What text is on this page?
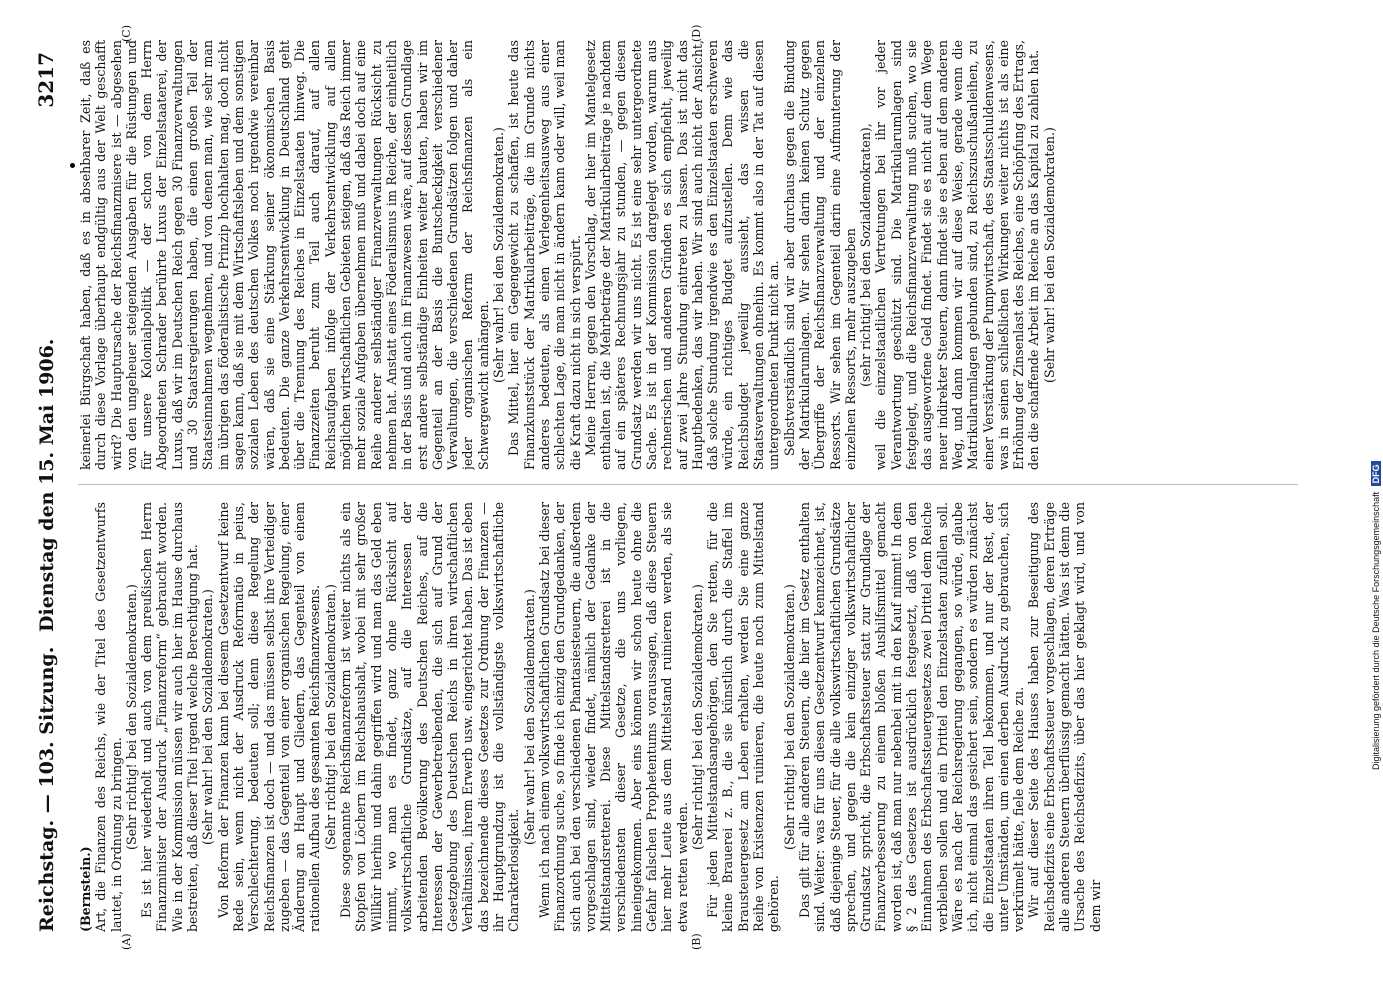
Reichstag. — 103. Sitzung.
Dienstag den 15. Mai 1906.
3217
(A)	(B)
(C)	(D)

(Bernstein.) Art, die Finanzen des Reichs, wie der Titel des Gesetzentwurfs lautet, in Ordnung zu bringen. (Sehr richtig! bei den Sozialdemokraten.) Es ist hier wiederholt und auch von dem preußischen Herrn Finanzminister der Ausdruck „Finanzreform“ gebraucht worden. Wie in der Kommission müssen wir auch hier im Hause durchaus bestreiten, daß dieser Titel irgend welche Berechtigung hat. (Sehr wahr! bei den Sozialdemokraten.) Von Reform der Finanzen kann bei diesem Gesetzentwurf keine Rede sein, wenn nicht der Ausdruck Reformatio in peius, Verschlechterung, bedeuten soll; denn diese Regelung der Reichsfinanzen ist doch — und das müssen selbst ihre Verteidiger zugeben — das Gegenteil von einer organischen Regelung, einer Änderung an Haupt und Gliedern, das Gegenteil von einem rationellen Aufbau des gesamten Reichsfinanzwesens. (Sehr richtig! bei den Sozialdemokraten.) Diese sogenannte Reichsfinanzreform ist weiter nichts als ein Stopfen von Löchern im Reichshaushalt, wobei mit sehr großer Willkür hierhin und dahin gegriffen wird und man das Geld eben nimmt, wo man es findet, ganz ohne Rücksicht auf volkswirtschaftliche Grundsätze, auf die Interessen der arbeitenden Bevölkerung des Deutschen Reiches, auf die Interessen der Gewerbetreibenden, die sich auf Grund der Gesetzgebung des Deutschen Reichs in ihren wirtschaftlichen Verhältnissen, ihrem Erwerb usw. eingerichtet haben. Das ist eben das bezeichnende dieses Gesetzes zur Ordnung der Finanzen — ihr Hauptgrundzug ist die vollständigste volkswirtschaftliche Charakterlosigkeit.

(Sehr wahr! bei den Sozialdemokraten.) Wenn ich nach einem volkswirtschaftlichen Grundsatz bei dieser Finanzordnung suche, so finde ich einzig den Grundgedanken, der sich auch bei den verschiedenen Phantasiesteuern, die außerdem vorgeschlagen sind, wieder findet, nämlich der Gedanke der Mittelstandsretterei. Diese Mittelstandsretterei ist in die verschiedensten dieser Gesetze, die uns vorliegen, hineingekommen. Aber eins können wir schon heute ohne die Gefahr falschen Prophetentums voraussagen, daß diese Steuern hier mehr Leute aus dem Mittelstand ruinieren werden, als sie etwa retten werden.

(Sehr richtig! bei den Sozialdemokraten.) Für jeden Mittelstandsangehörigen, den Sie retten, für die kleine Brauerei z. B., die sie künstlich durch die Staffel im Brausteuergesetz am Leben erhalten, werden Sie eine ganze Reihe von Existenzen ruinieren, die heute noch zum Mittelstand gehören.

(Sehr richtig! bei den Sozialdemokraten.) Das gilt für alle anderen Steuern, die hier im Gesetz enthalten sind. Weiter: was für uns diesen Gesetzentwurf kennzeichnet, ist, daß diejenige Steuer, für die alle volkswirtschaftlichen Grundsätze sprechen, und gegen die kein einziger volkswirtschaftlicher Grundsatz spricht, die Erbschaftssteuer statt zur Grundlage der Finanzverbesserung zu einem bloßen Aushilfsmittel gemacht worden ist, daß man nur nebenbei mit in den Kauf nimmt! In dem § 2 des Gesetzes ist ausdrücklich festgesetzt, daß von den Einnahmen des Erbschaftssteuergesetzes zwei Drittel dem Reiche verbleiben sollen und ein Drittel den Einzelstaaten zufallen soll. Wäre es nach der Reichsregierung gegangen, so würde, glaube ich, nicht einmal das gesichert sein, sondern es würden zunächst die Einzelstaaten ihren Teil bekommen, und nur der Rest, der unter Umständen, um einen derben Ausdruck zu gebrauchen, sich verkrümelt hätte, fiele dem Reiche zu. Wir auf dieser Seite des Hauses haben zur Beseitigung des Reichsdefizits eine Erbschaftssteuer vorgeschlagen, deren Erträge alle anderen Steuern überflüssig gemacht hätten. Was ist denn die Ursache des Reichsdefizits, über das hier geklagt wird, und von dem wir

keinerlei Bürgschaft haben, daß es in absehbarer Zeit, daß es durch diese Vorlage überhaupt endgültig aus der Welt geschafft wird? Die Hauptursache der Reichsfinanzmisere ist — abgesehen von den ungeheuer steigenden Ausgaben für die Rüstungen und für unsere Kolonialpolitik — der schon von dem Herrn Abgeordneten Schrader berührte Luxus der Einzelstaaterei, der Luxus, daß wir im Deutschen Reich gegen 30 Finanzverwaltungen und 30 Staatsregierungen haben, die einen großen Teil der Staatseinnahmen wegnehmen, und von denen man, wie sehr man im übrigen das föderalistische Prinzip hochhalten mag, doch nicht sagen kann, daß sie mit dem Wirtschaftsleben und dem sonstigen sozialen Leben des deutschen Volkes noch irgendwie vereinbar wären, daß sie eine Stärkung seiner ökonomischen Basis bedeuten. Die ganze Verkehrsentwicklung in Deutschland geht über die Trennung des Reiches in Einzelstaaten hinweg. Die Finanzzeiten beruht zum Teil auch darauf, auf allen Reichsaufgaben infolge der Verkehrsentwicklung auf allen möglichen wirtschaftlichen Gebieten steigen, daß das Reich immer mehr soziale Aufgaben übernehmen muß und dabei doch auf eine Reihe anderer selbständiger Finanzverwaltungen Rücksicht zu nehmen hat. Anstatt eines Föderalismus im Reiche, der einheitlich in der Basis und auch im Finanzwesen wäre, auf dessen Grundlage erst andere selbständige Einheiten weiter bauten, haben wir im Gegenteil an der Basis die Buntscheckigkeit verschiedener Verwaltungen, die verschiedenen Grundsätzen folgen und daher jeder organischen Reform der Reichsfinanzen als ein Schwergewicht anhängen.

(Sehr wahr! bei den Sozialdemokraten.) Das Mittel, hier ein Gegengewicht zu schaffen, ist heute das Finanzkunststück der Matrikularbeiträge, die im Grunde nichts anderes bedeuten, als einen Verlegenheitsausweg aus einer schlechten Lage, die man nicht in ändern kann oder will, weil man die Kraft dazu nicht in sich verspürt. Meine Herren, gegen den Vorschlag, der hier im Mantelgesetz enthalten ist, die Mehrbeträge der Matrikularbeiträge je nachdem auf ein späteres Rechnungsjahr zu stunden, — gegen diesen Grundsatz werden wir uns nicht. Es ist eine sehr untergeordnete Sache. Es ist in der Kommission dargelegt worden, warum aus rechnerischen und anderen Gründen es sich empfiehlt, jeweilig auf zwei Jahre Stundung eintreten zu lassen. Das ist nicht das Hauptbedenken, das wir haben. Wir sind auch nicht der Ansicht, daß solche Stundung irgendwie es den Einzelstaaten erschweren würde, ein richtiges Budget aufzustellen. Denn wie das Reichsbudget jeweilig aussieht, das wissen die Staatsverwaltungen ohnehin. Es kommt also in der Tat auf diesen untergeordneten Punkt nicht an. Selbstverständlich sind wir aber durchaus gegen die Bindung der Matrikularumlagen. Wir sehen darin keinen Schutz gegen Übergriffe der Reichsfinanzverwaltung und der einzelnen Ressorts. Wir sehen im Gegenteil darin eine Aufmunterung der einzelnen Ressorts, mehr auszugeben (sehr richtig! bei den Sozialdemokraten), weil die einzelstaatlichen Vertretungen bei ihr vor jeder Verantwortung geschützt sind. Die Matrikularumlagen sind festgelegt, und die Reichsfinanzverwaltung muß suchen, wo sie das ausgeworfene Geld findet. Findet sie es nicht auf dem Wege neuer indirekter Steuern, dann findet sie es eben auf dem anderen Weg, und dann kommen wir auf diese Weise, gerade wenn die Matrikularumlagen gebunden sind, zu Reichszuschußanleihen, zu einer Verstärkung der Pumpwirtschaft, des Staatsschuldenwesens, was in seinen schließlichen Wirkungen weiter nichts ist als eine Erhöhung der Zinsenlast des Reiches, eine Schöpfung des Ertrags, den die schaffende Arbeit im Reiche an das Kapital zu zahlen hat. (Sehr wahr! bei den Sozialdemokraten.)

Digitalisierung gefördert durch die Deutsche Forschungsgemeinschaft DFG
